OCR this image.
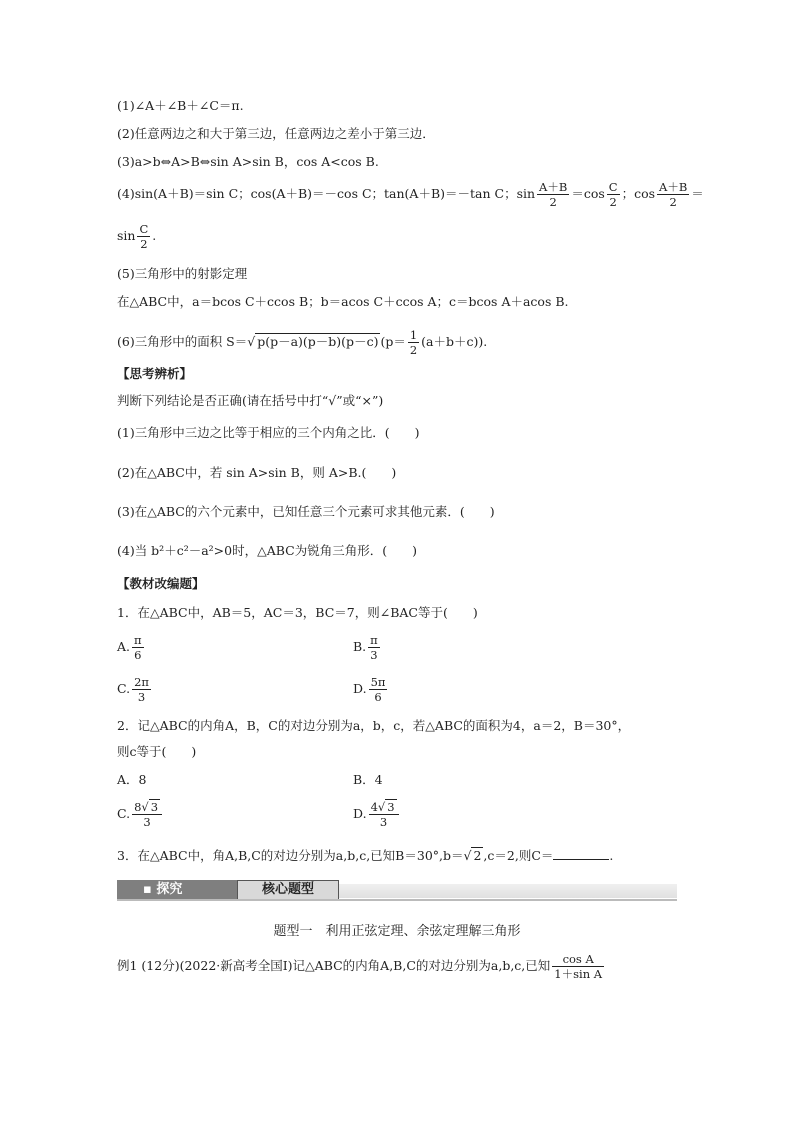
(1)∠A＋∠B＋∠C＝π.
(2)任意两边之和大于第三边，任意两边之差小于第三边．
(3)a>b⇔A>B⇔sin A>sin B，cos A<cos B.
(4)sin(A＋B)＝sin C；cos(A＋B)＝－cos C；tan(A＋B)＝－tan C；$\sin \frac{A+B}{2} =\cos \frac{C}{2}$ ；$\cos \frac{A+B}{2}$ ＝
$\sin \frac{C}{2}$ .
(5)三角形中的射影定理
在△ABC中，a＝bcos C＋ccos B；b＝acos C＋ccos A；c＝bcos A＋acos B.
(6)三角形中的面积 S＝√ p(p－a)(p－b)(p－c) $(p= \frac{1}{2} (a+b+c))$.
【思考辨析】
判断下列结论是否正确(请在括号中打“√”或“×”)
(1)三角形中三边之比等于相应的三个内角之比．(　　)
(2)在△ABC中，若 sin A>sin B，则 A>B.(　　)
(3)在△ABC的六个元素中，已知任意三个元素可求其他元素．(　　)
(4)当 b²＋c²－a²>0时，△ABC为锐角三角形．(　　)
【教材改编题】
1．在△ABC中，AB＝5，AC＝3，BC＝7，则∠BAC等于(　　)
A. $\frac{\pi}{6}$	B. $\frac{\pi}{3}$
C. $\frac{2\pi}{3}$	D. $\frac{5\pi}{6}$
2．记△ABC的内角A，B，C的对边分别为a，b，c，若△ABC的面积为4，a＝2，B＝30°，
则c等于(　　)
A．8	B．4
C. $\frac{8√ 3}{3}$	D. $\frac{4√ 3}{3}$
3．在△ABC中，角A,B,C的对边分别为a,b,c,已知B＝30°,b＝√ 2 ,c＝2,则C＝	.
▪ 探究	核心题型
题型一　利用正弦定理、余弦定理解三角形
例1 (12分)(2022·新高考全国Ⅰ)记△ABC的内角A,B,C的对边分别为a,b,c,已知 $\frac{\text{cos A}}{\text{1＋sin A}}$
